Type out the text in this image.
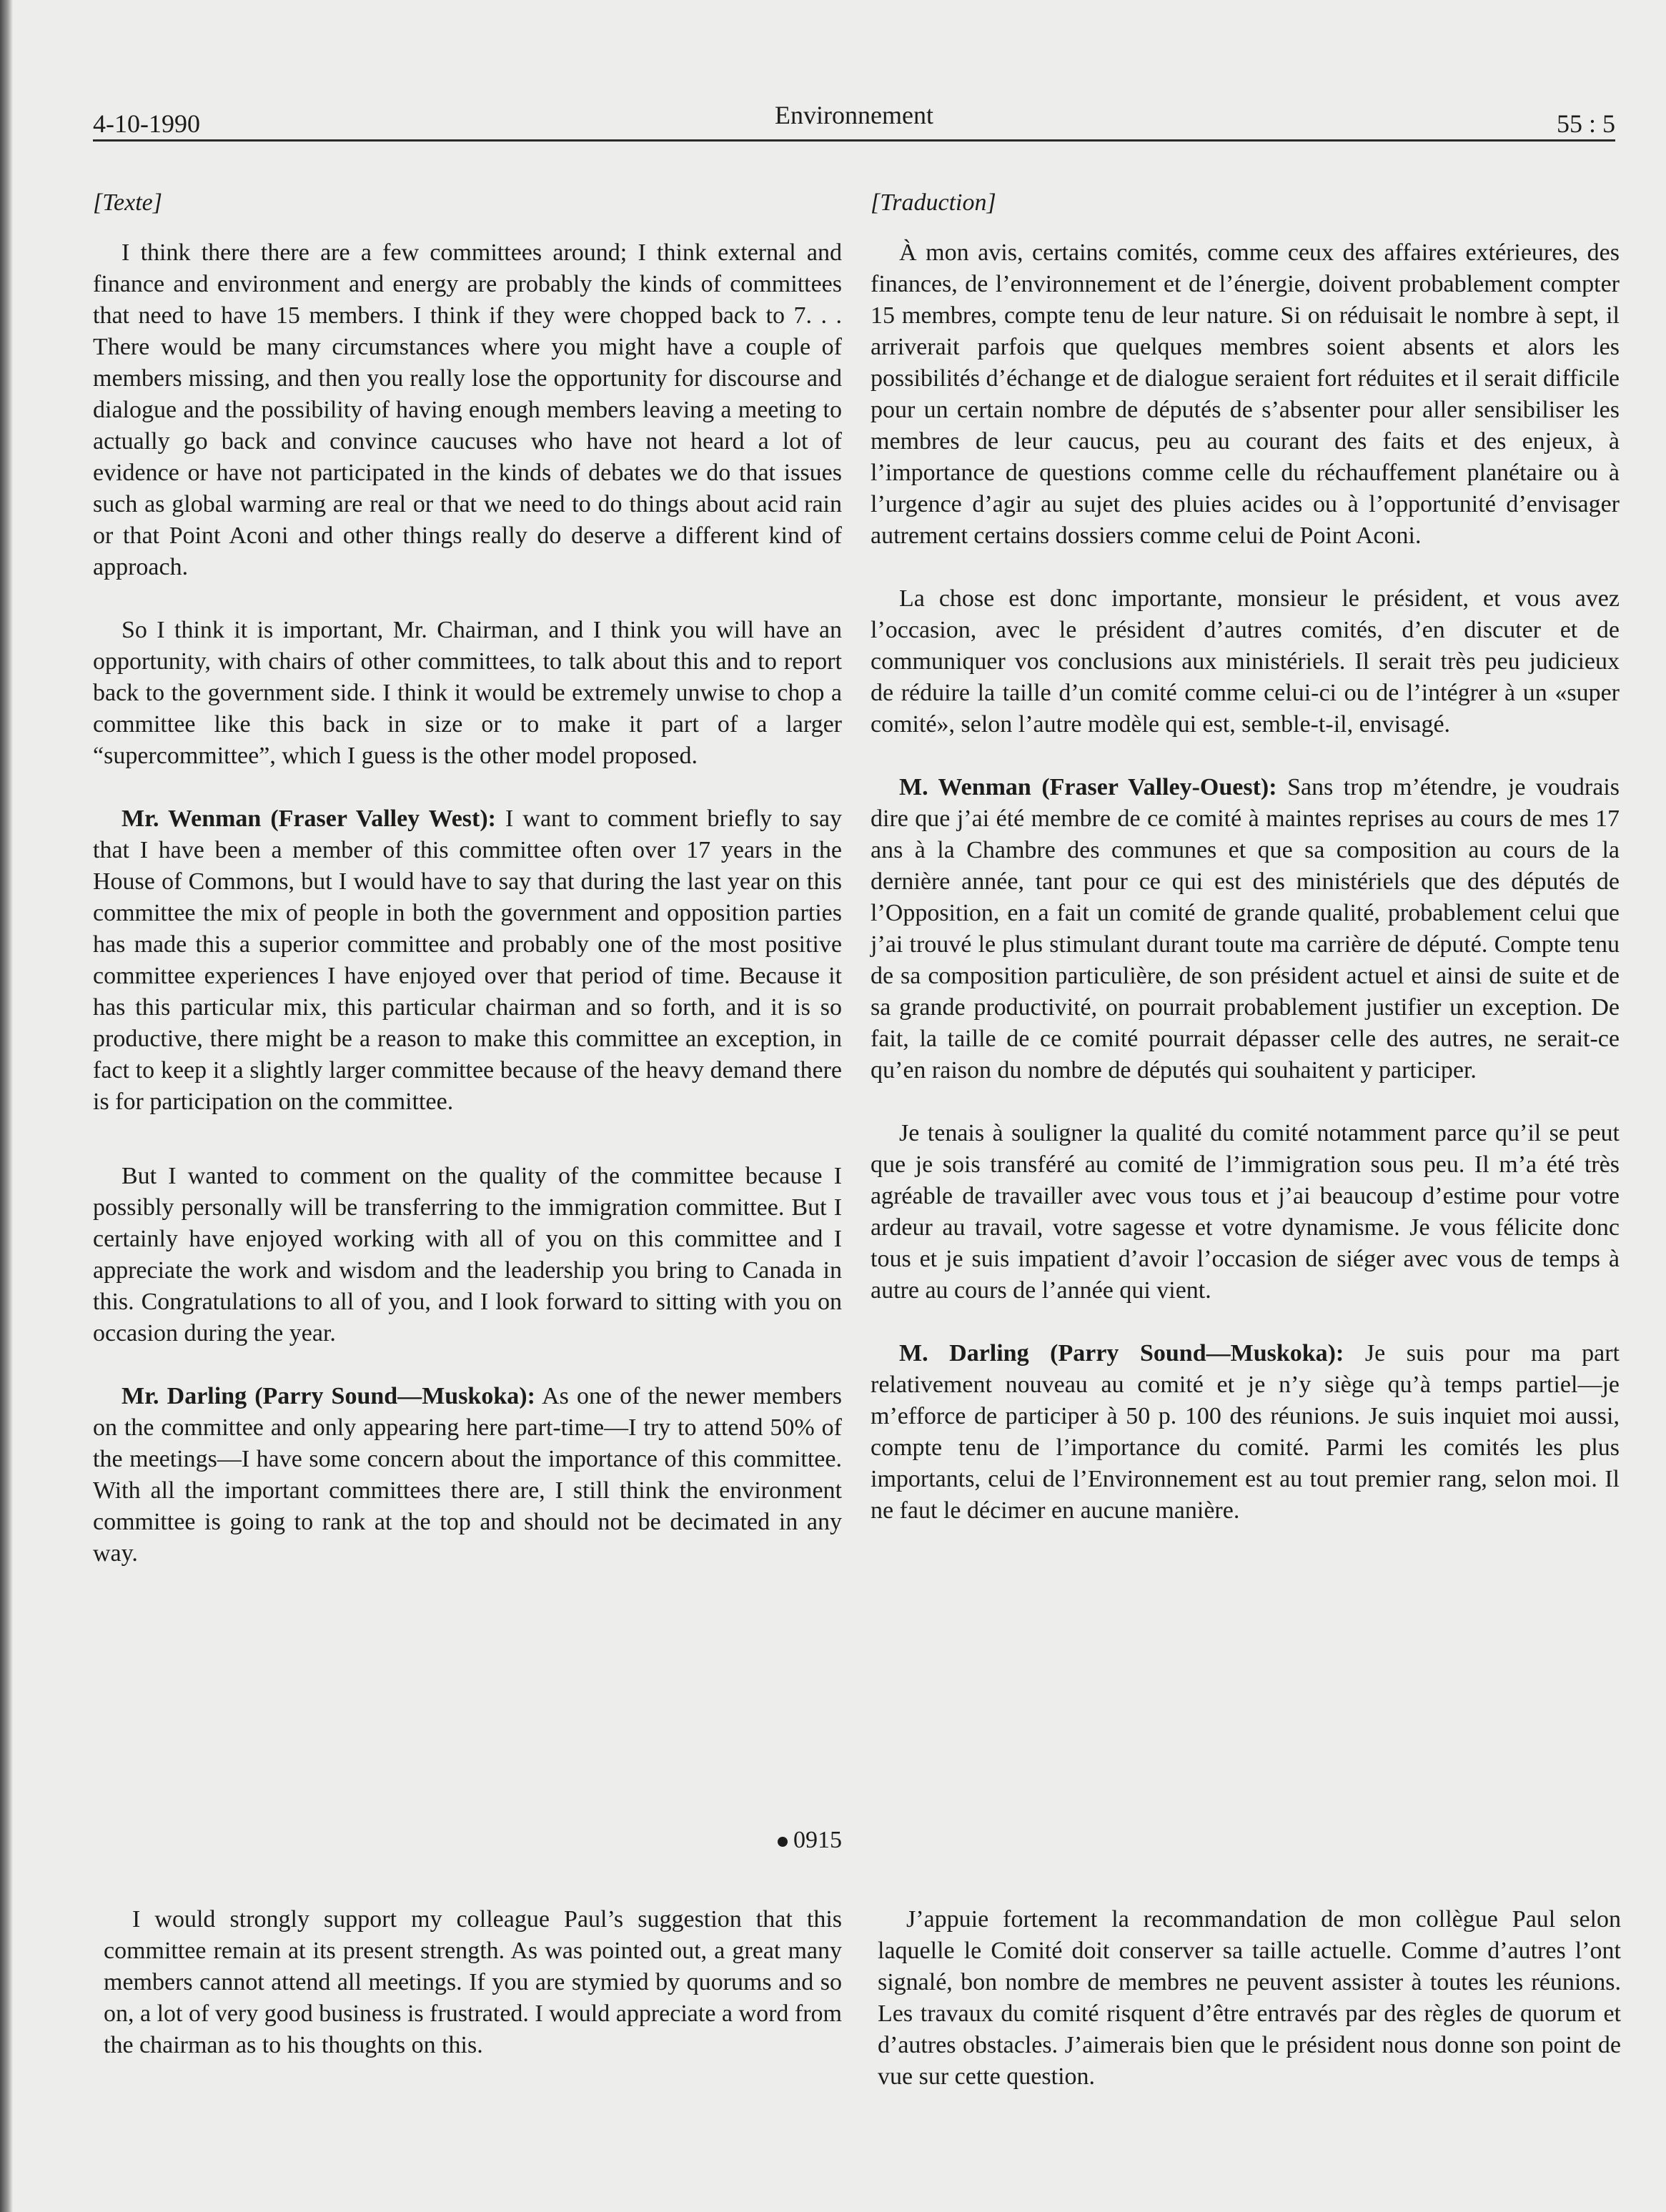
4-10-1990	Environnement	55 : 5
[Texte]

I think there there are a few committees around; I think external and finance and environment and energy are probably the kinds of committees that need to have 15 members. I think if they were chopped back to 7. . . There would be many circumstances where you might have a couple of members missing, and then you really lose the opportunity for discourse and dialogue and the possibility of having enough members leaving a meeting to actually go back and convince caucuses who have not heard a lot of evidence or have not participated in the kinds of debates we do that issues such as global warming are real or that we need to do things about acid rain or that Point Aconi and other things really do deserve a different kind of approach.

So I think it is important, Mr. Chairman, and I think you will have an opportunity, with chairs of other committees, to talk about this and to report back to the government side. I think it would be extremely unwise to chop a committee like this back in size or to make it part of a larger “supercommittee”, which I guess is the other model proposed.

Mr. Wenman (Fraser Valley West): I want to comment briefly to say that I have been a member of this committee often over 17 years in the House of Commons, but I would have to say that during the last year on this committee the mix of people in both the government and opposition parties has made this a superior committee and probably one of the most positive committee experiences I have enjoyed over that period of time. Because it has this particular mix, this particular chairman and so forth, and it is so productive, there might be a reason to make this committee an exception, in fact to keep it a slightly larger committee because of the heavy demand there is for participation on the committee.

But I wanted to comment on the quality of the committee because I possibly personally will be transferring to the immigration committee. But I certainly have enjoyed working with all of you on this committee and I appreciate the work and wisdom and the leadership you bring to Canada in this. Congratulations to all of you, and I look forward to sitting with you on occasion during the year.

Mr. Darling (Parry Sound—Muskoka): As one of the newer members on the committee and only appearing here part-time—I try to attend 50% of the meetings—I have some concern about the importance of this committee. With all the important committees there are, I still think the environment committee is going to rank at the top and should not be decimated in any way.

[Traduction]

À mon avis, certains comités, comme ceux des affaires extérieures, des finances, de l’environnement et de l’énergie, doivent probablement compter 15 membres, compte tenu de leur nature. Si on réduisait le nombre à sept, il arriverait parfois que quelques membres soient absents et alors les possibilités d’échange et de dialogue seraient fort réduites et il serait difficile pour un certain nombre de députés de s’absenter pour aller sensibiliser les membres de leur caucus, peu au courant des faits et des enjeux, à l’importance de questions comme celle du réchauffement planétaire ou à l’urgence d’agir au sujet des pluies acides ou à l’opportunité d’envisager autrement certains dossiers comme celui de Point Aconi.

La chose est donc importante, monsieur le président, et vous avez l’occasion, avec le président d’autres comités, d’en discuter et de communiquer vos conclusions aux ministériels. Il serait très peu judicieux de réduire la taille d’un comité comme celui-ci ou de l’intégrer à un «super comité», selon l’autre modèle qui est, semble-t-il, envisagé.

M. Wenman (Fraser Valley-Ouest): Sans trop m’étendre, je voudrais dire que j’ai été membre de ce comité à maintes reprises au cours de mes 17 ans à la Chambre des communes et que sa composition au cours de la dernière année, tant pour ce qui est des ministériels que des députés de l’Opposition, en a fait un comité de grande qualité, probablement celui que j’ai trouvé le plus stimulant durant toute ma carrière de député. Compte tenu de sa composition particulière, de son président actuel et ainsi de suite et de sa grande productivité, on pourrait probablement justifier un exception. De fait, la taille de ce comité pourrait dépasser celle des autres, ne serait-ce qu’en raison du nombre de députés qui souhaitent y participer.

Je tenais à souligner la qualité du comité notamment parce qu’il se peut que je sois transféré au comité de l’immigration sous peu. Il m’a été très agréable de travailler avec vous tous et j’ai beaucoup d’estime pour votre ardeur au travail, votre sagesse et votre dynamisme. Je vous félicite donc tous et je suis impatient d’avoir l’occasion de siéger avec vous de temps à autre au cours de l’année qui vient.

M. Darling (Parry Sound—Muskoka): Je suis pour ma part relativement nouveau au comité et je n’y siège qu’à temps partiel—je m’efforce de participer à 50 p. 100 des réunions. Je suis inquiet moi aussi, compte tenu de l’importance du comité. Parmi les comités les plus importants, celui de l’Environnement est au tout premier rang, selon moi. Il ne faut le décimer en aucune manière.

0915

I would strongly support my colleague Paul’s suggestion that this committee remain at its present strength. As was pointed out, a great many members cannot attend all meetings. If you are stymied by quorums and so on, a lot of very good business is frustrated. I would appreciate a word from the chairman as to his thoughts on this.

J’appuie fortement la recommandation de mon collègue Paul selon laquelle le Comité doit conserver sa taille actuelle. Comme d’autres l’ont signalé, bon nombre de membres ne peuvent assister à toutes les réunions. Les travaux du comité risquent d’être entravés par des règles de quorum et d’autres obstacles. J’aimerais bien que le président nous donne son point de vue sur cette question.
